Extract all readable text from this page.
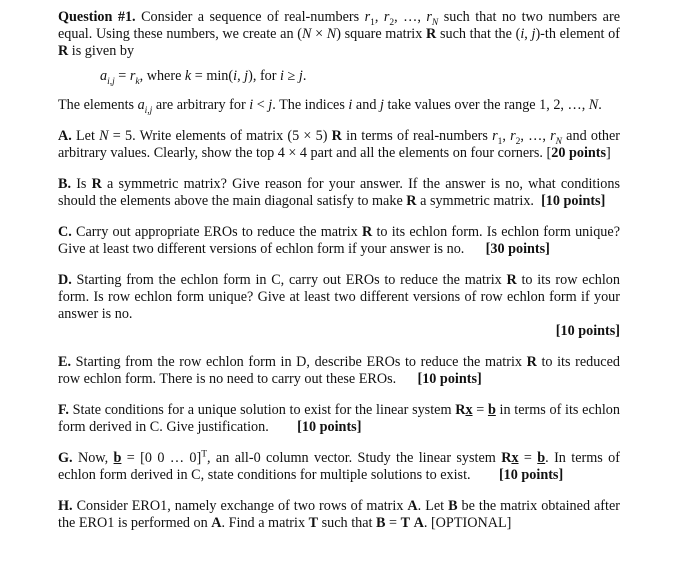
Question #1. Consider a sequence of real-numbers $r_1$, $r_2$, …, $r_N$ such that no two numbers are equal. Using these numbers, we create an (N × N) square matrix R such that the (i, j)-th element of R is given by

$a_{i,j} = r_k$, where k = min(i, j), for i ≥ j.

The elements $a_{i,j}$ are arbitrary for i < j. The indices i and j take values over the range 1, 2, …, N.

A. Let N = 5. Write elements of matrix (5 × 5) R in terms of real-numbers $r_1$, $r_2$, …, $r_N$ and other arbitrary values. Clearly, show the top 4 × 4 part and all the elements on four corners. [20 points]

B. Is R a symmetric matrix? Give reason for your answer. If the answer is no, what conditions should the elements above the main diagonal satisfy to make R a symmetric matrix. [10 points]

C. Carry out appropriate EROs to reduce the matrix R to its echlon form. Is echlon form unique? Give at least two different versions of echlon form if your answer is no. [30 points]

D. Starting from the echlon form in C, carry out EROs to reduce the matrix R to its row echlon form. Is row echlon form unique? Give at least two different versions of row echlon form if your answer is no.

[10 points]

E. Starting from the row echlon form in D, describe EROs to reduce the matrix R to its reduced row echlon form. There is no need to carry out these EROs. [10 points]

F. State conditions for a unique solution to exist for the linear system Rx = b in terms of its echlon form derived in C. Give justification. [10 points]

G. Now, b = [0 0 … 0]$^T$, an all-0 column vector. Study the linear system Rx = b. In terms of echlon form derived in C, state conditions for multiple solutions to exist. [10 points]

H. Consider ERO1, namely exchange of two rows of matrix A. Let B be the matrix obtained after the ERO1 is performed on A. Find a matrix T such that B = T A. [OPTIONAL]
